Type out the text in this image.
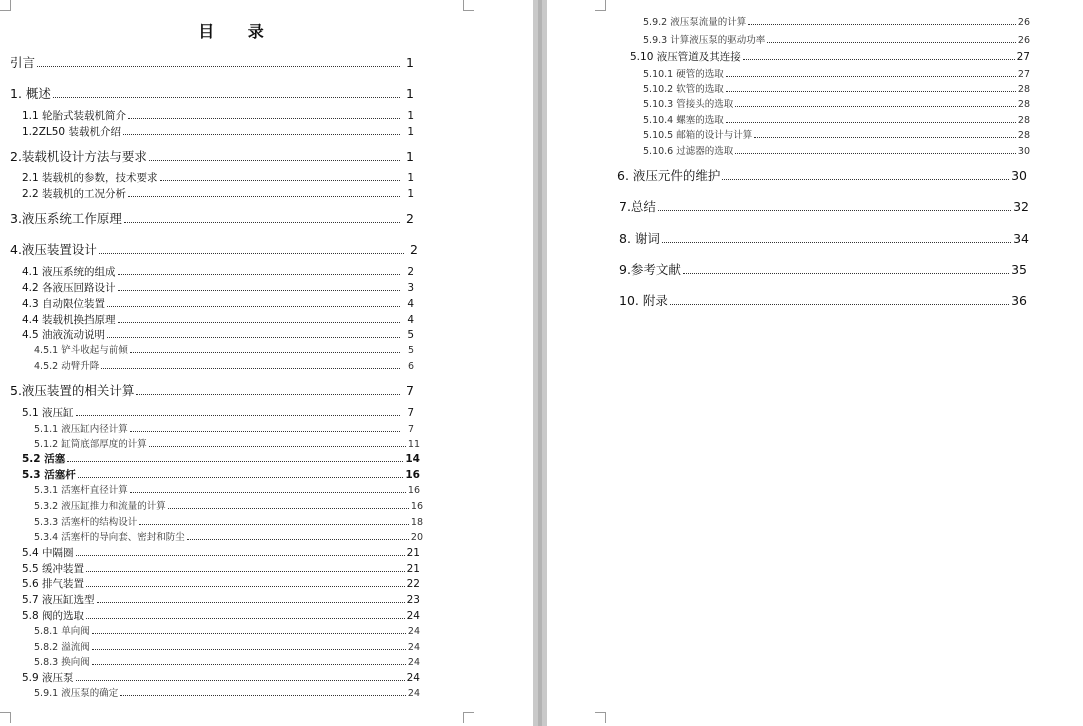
目 录
引言	1
1. 概述	1
1.1 轮胎式装载机简介	1
1.2ZL50 装载机介绍	1
2.装载机设计方法与要求	1
2.1 装载机的参数，技术要求	1
2.2 装载机的工况分析	1
3.液压系统工作原理	2
4.液压装置设计	2
4.1 液压系统的组成	2
4.2 各液压回路设计	3
4.3 自动限位装置	4
4.4 装载机换挡原理	4
4.5 油液流动说明	5
4.5.1 铲斗收起与前倾	5
4.5.2 动臂升降	6
5.液压装置的相关计算	7
5.1 液压缸	7
5.1.1 液压缸内径计算	7
5.1.2 缸筒底部厚度的计算	11
5.2 活塞	14
5.3 活塞杆	16
5.3.1 活塞杆直径计算	16
5.3.2 液压缸推力和流量的计算	16
5.3.3 活塞杆的结构设计	18
5.3.4 活塞杆的导向套、密封和防尘	20
5.4 中隔圈	21
5.5 缓冲装置	21
5.6 排气装置	22
5.7 液压缸选型	23
5.8 阀的选取	24
5.8.1 单向阀	24
5.8.2 溢流阀	24
5.8.3 换向阀	24
5.9 液压泵	24
5.9.1 液压泵的确定	24
5.9.2 液压泵流量的计算	26
5.9.3 计算液压泵的驱动功率	26
5.10 液压管道及其连接	27
5.10.1 硬管的选取	27
5.10.2 软管的选取	28
5.10.3 管接头的选取	28
5.10.4 螺塞的选取	28
5.10.5 邮箱的设计与计算	28
5.10.6 过滤器的选取	30
6. 液压元件的维护	30
7.总结	32
8. 谢词	34
9.参考文献	35
10. 附录	36
